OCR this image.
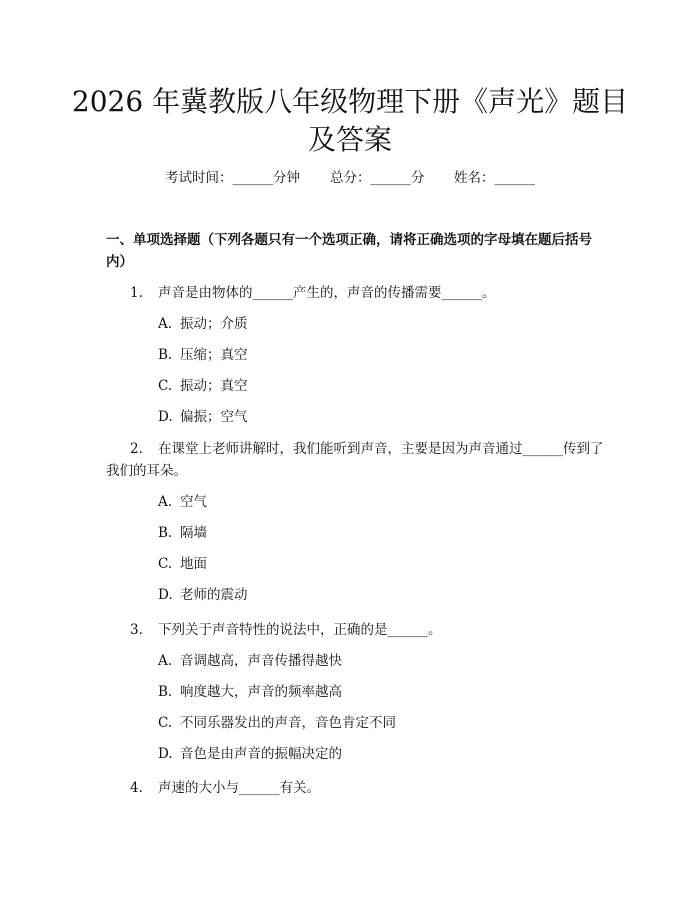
2026 年冀教版八年级物理下册《声光》题目
及答案
考试时间：______分钟 总分：______分 姓名：______
一、单项选择题（下列各题只有一个选项正确，请将正确选项的字母填在题后括号内）
1. 声音是由物体的______产生的，声音的传播需要______。
A. 振动；介质
B. 压缩；真空
C. 振动；真空
D. 偏振；空气
2. 在课堂上老师讲解时，我们能听到声音，主要是因为声音通过______传到了我们的耳朵。
A. 空气
B. 隔墙
C. 地面
D. 老师的震动
3. 下列关于声音特性的说法中，正确的是______。
A. 音调越高，声音传播得越快
B. 响度越大，声音的频率越高
C. 不同乐器发出的声音，音色肯定不同
D. 音色是由声音的振幅决定的
4. 声速的大小与______有关。
